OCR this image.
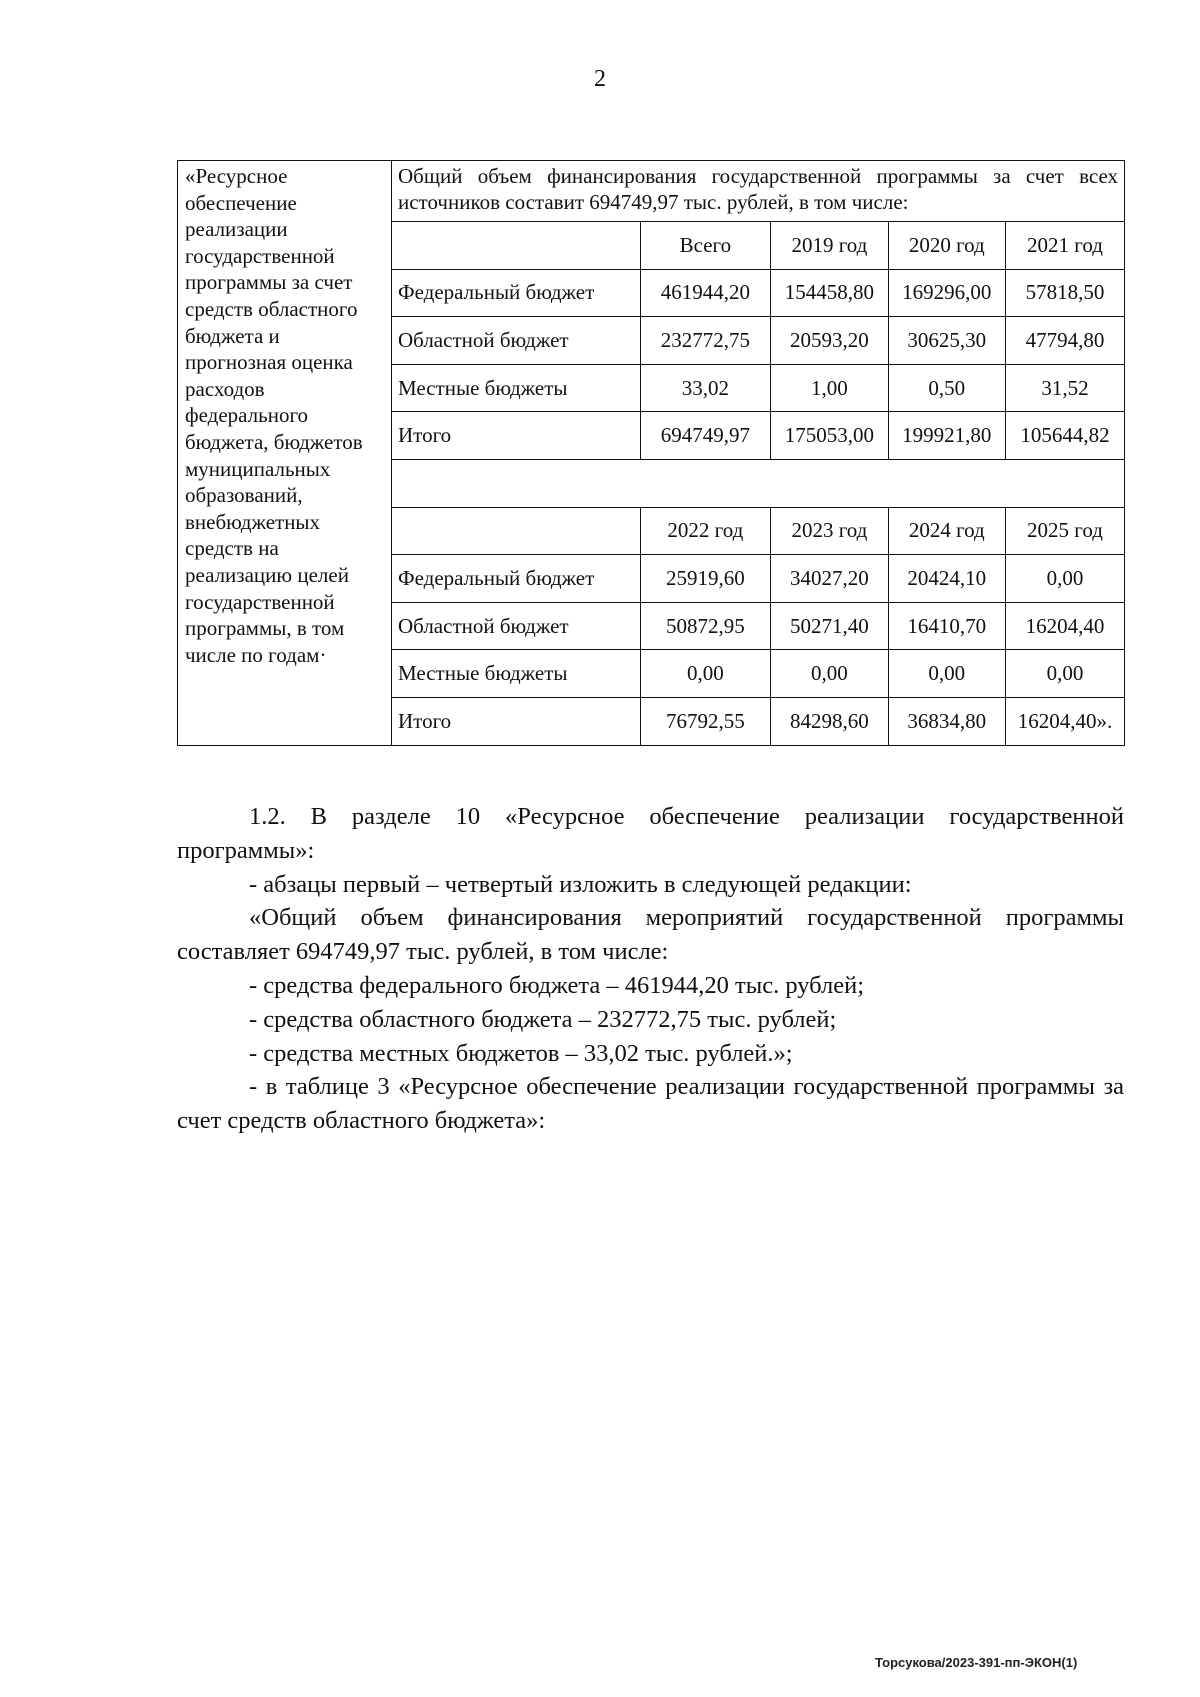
2
«Ресурсное обеспечение реализации государственной программы за счет средств областного бюджета и прогнозная оценка расходов федерального бюджета, бюджетов муниципальных образований, внебюджетных средств на реализацию целей государственной программы, в том числе по годам·	
Общий объем финансирования государственной программы за счет всех источников составит 694749,97 тыс. рублей, в том числе:
	Всего	2019 год	2020 год	2021 год
Федеральный бюджет	461944,20	154458,80	169296,00	57818,50
Областной бюджет	232772,75	20593,20	30625,30	47794,80
Местные бюджеты	33,02	1,00	0,50	31,52
Итого	694749,97	175053,00	199921,80	105644,82

	2022 год	2023 год	2024 год	2025 год
Федеральный бюджет	25919,60	34027,20	20424,10	0,00
Областной бюджет	50872,95	50271,40	16410,70	16204,40
Местные бюджеты	0,00	0,00	0,00	0,00
Итого	76792,55	84298,60	36834,80	16204,40».

1.2. В разделе 10 «Ресурсное обеспечение реализации государственной программы»:

- абзацы первый – четвертый изложить в следующей редакции:

«Общий объем финансирования мероприятий государственной программы составляет 694749,97 тыс. рублей, в том числе:

- средства федерального бюджета – 461944,20 тыс. рублей;

- средства областного бюджета – 232772,75 тыс. рублей;

- средства местных бюджетов – 33,02 тыс. рублей.»;

- в таблице 3 «Ресурсное обеспечение реализации государственной программы за счет средств областного бюджета»:

Торсукова/2023-391-пп-ЭКОН(1)
